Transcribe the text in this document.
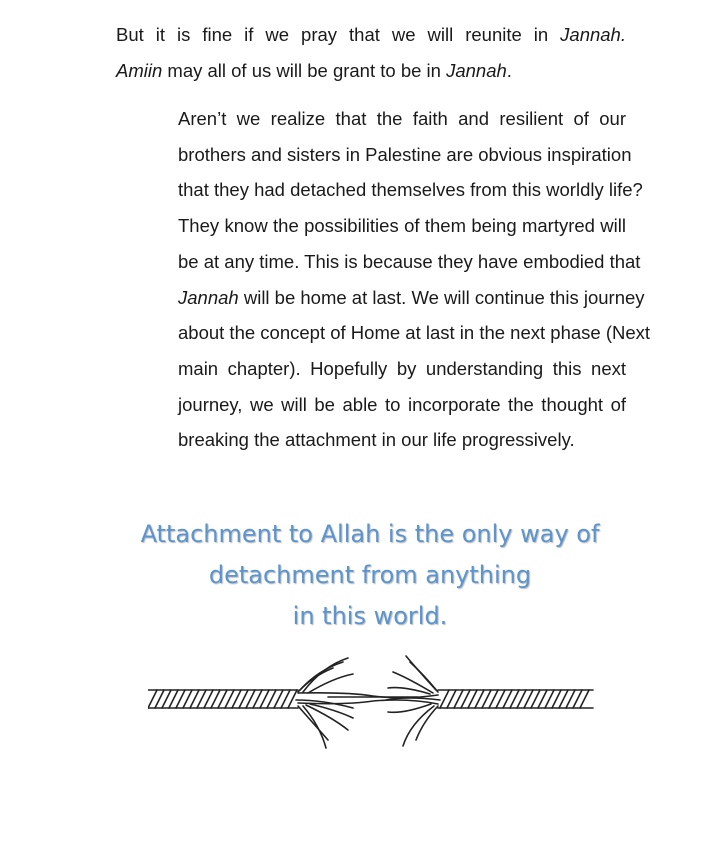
But it is fine if we pray that we will reunite in Jannah.
Amiin may all of us will be grant to be in Jannah.

Aren’t we realize that the faith and resilient of our
brothers and sisters in Palestine are obvious inspiration
that they had detached themselves from this worldly life?
They know the possibilities of them being martyred will
be at any time. This is because they have embodied that
Jannah will be home at last. We will continue this journey
about the concept of Home at last in the next phase (Next
main chapter). Hopefully by understanding this next
journey, we will be able to incorporate the thought of
breaking the attachment in our life progressively.

Attachment to Allah is the only way of
detachment from anything
in this world.
